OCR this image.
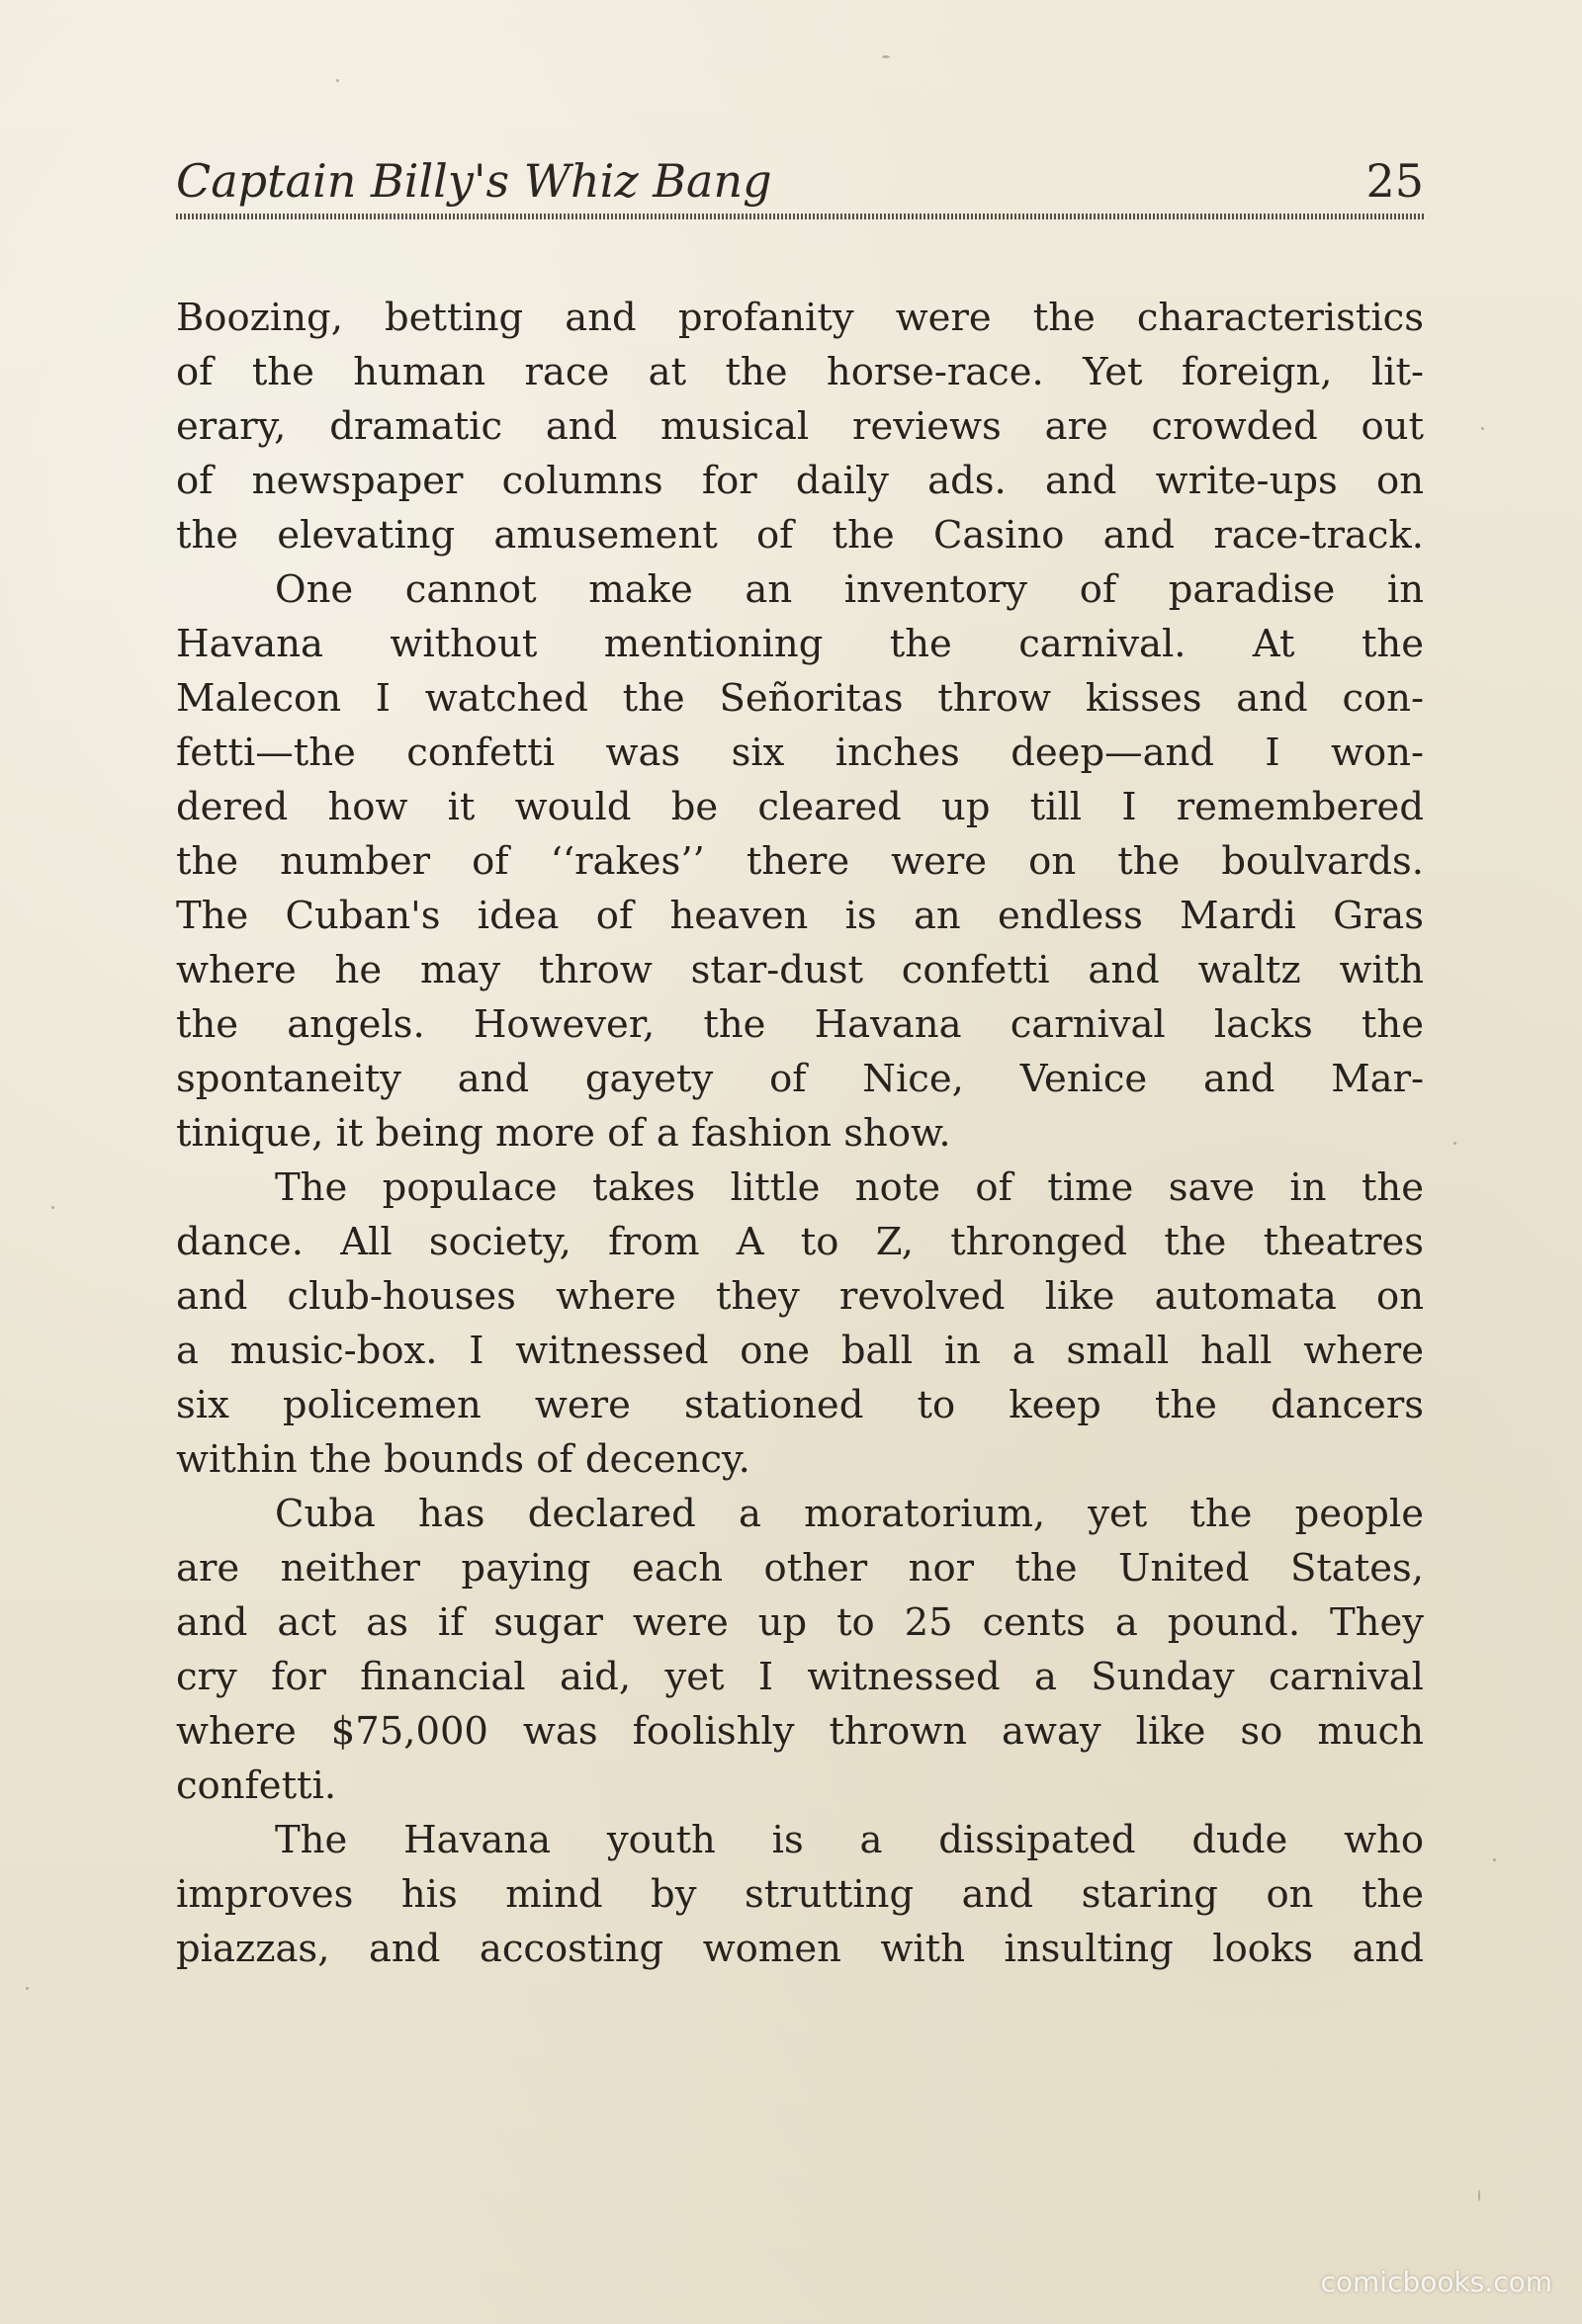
Captain Billy's Whiz Bang	25
Boozing, betting and profanity were the characteristics
of the human race at the horse-race. Yet foreign, lit-
erary, dramatic and musical reviews are crowded out
of newspaper columns for daily ads. and write-ups on
the elevating amusement of the Casino and race-track.
One cannot make an inventory of paradise in
Havana without mentioning the carnival. At the
Malecon I watched the Señoritas throw kisses and con-
fetti—the confetti was six inches deep—and I won-
dered how it would be cleared up till I remembered
the number of ‘‘rakes’’ there were on the boulvards.
The Cuban's idea of heaven is an endless Mardi Gras
where he may throw star-dust confetti and waltz with
the angels. However, the Havana carnival lacks the
spontaneity and gayety of Nice, Venice and Mar-
tinique, it being more of a fashion show.
The populace takes little note of time save in the
dance. All society, from A to Z, thronged the theatres
and club-houses where they revolved like automata on
a music-box. I witnessed one ball in a small hall where
six policemen were stationed to keep the dancers
within the bounds of decency.
Cuba has declared a moratorium, yet the people
are neither paying each other nor the United States,
and act as if sugar were up to 25 cents a pound. They
cry for financial aid, yet I witnessed a Sunday carnival
where $75,000 was foolishly thrown away like so much
confetti.
The Havana youth is a dissipated dude who
improves his mind by strutting and staring on the
piazzas, and accosting women with insulting looks and
comicbooks.com
